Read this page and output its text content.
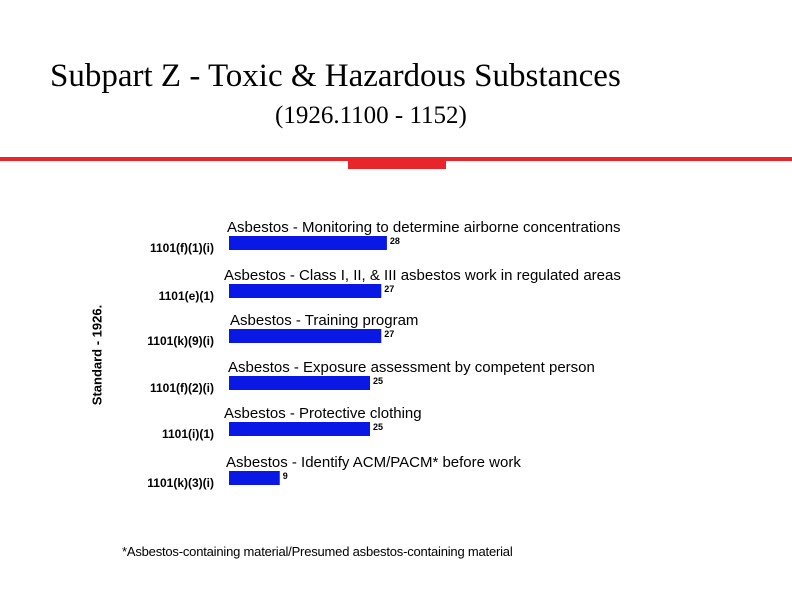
Subpart Z - Toxic & Hazardous Substances
(1926.1100 - 1152)
Standard - 1926.
Asbestos - Monitoring to determine airborne concentrations
28
1101(f)(1)(i)
Asbestos - Class I, II, & III asbestos work in regulated areas
27
1101(e)(1)
Asbestos - Training program
27
1101(k)(9)(i)
Asbestos - Exposure assessment by competent person
25
1101(f)(2)(i)
Asbestos - Protective clothing
25
1101(i)(1)
Asbestos - Identify ACM/PACM* before work
9
1101(k)(3)(i)
*Asbestos-containing material/Presumed asbestos-containing material
